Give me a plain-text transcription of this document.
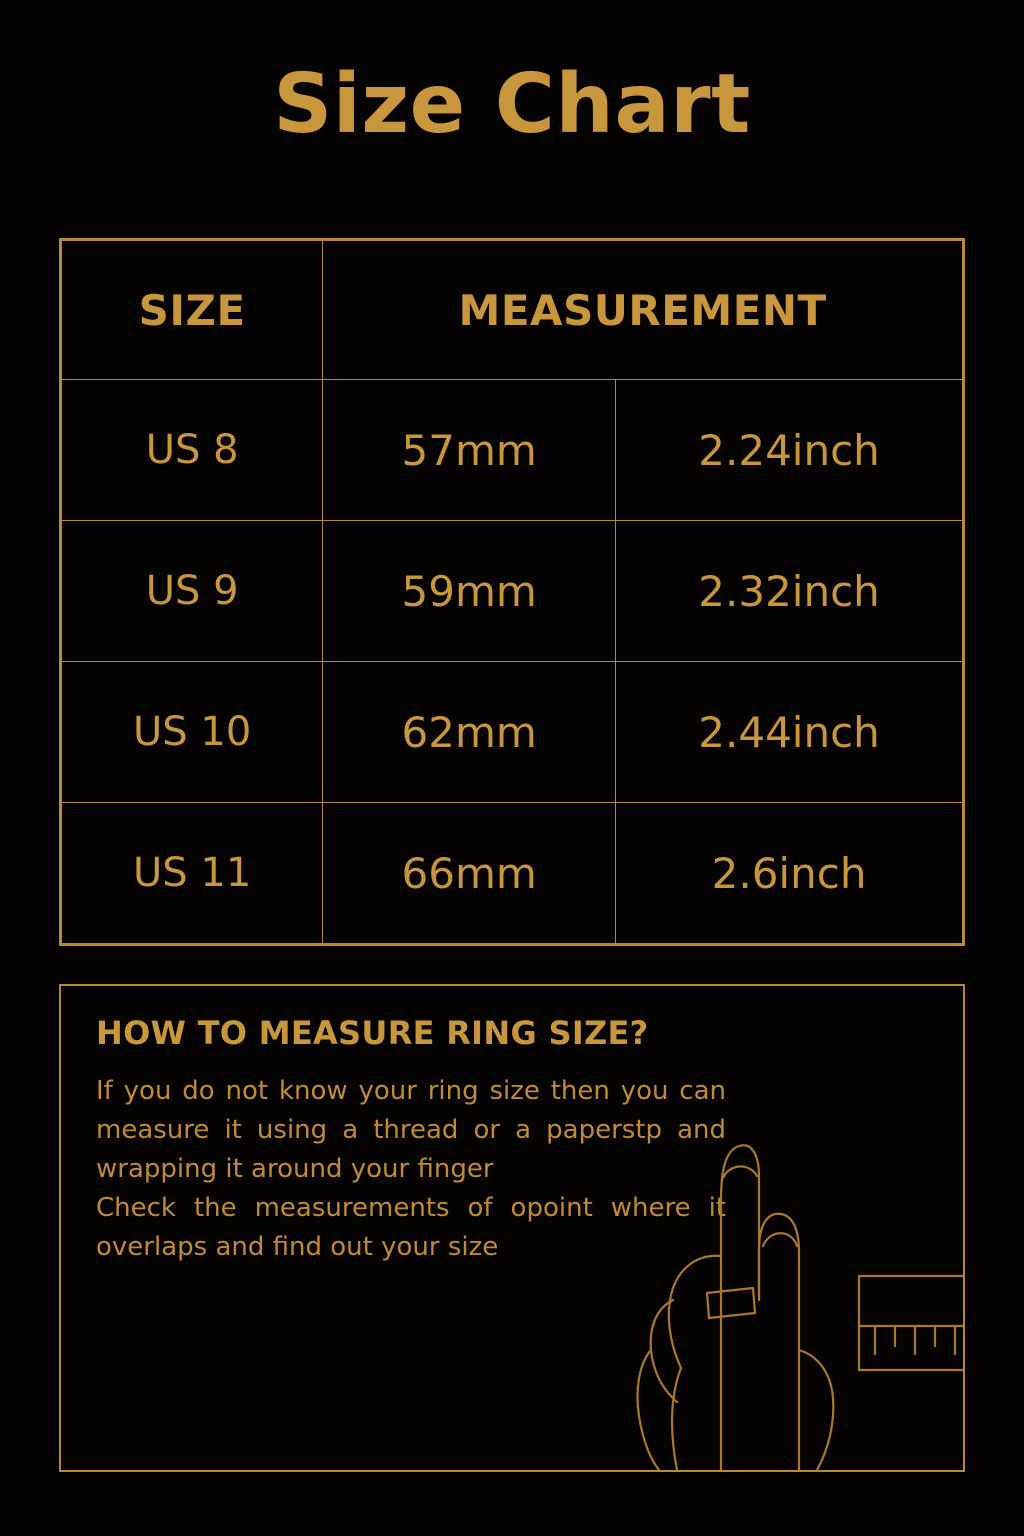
Size Chart
SIZE	MEASUREMENT	
US 8	57mm	2.24inch
US 9	59mm	2.32inch
US 10	62mm	2.44inch
US 11	66mm	2.6inch
HOW TO MEASURE RING SIZE?

If you do not know your ring size then you can measure it using a thread or a paperstp and wrapping it around your finger

Check the measurements of opoint where it overlaps and find out your size
